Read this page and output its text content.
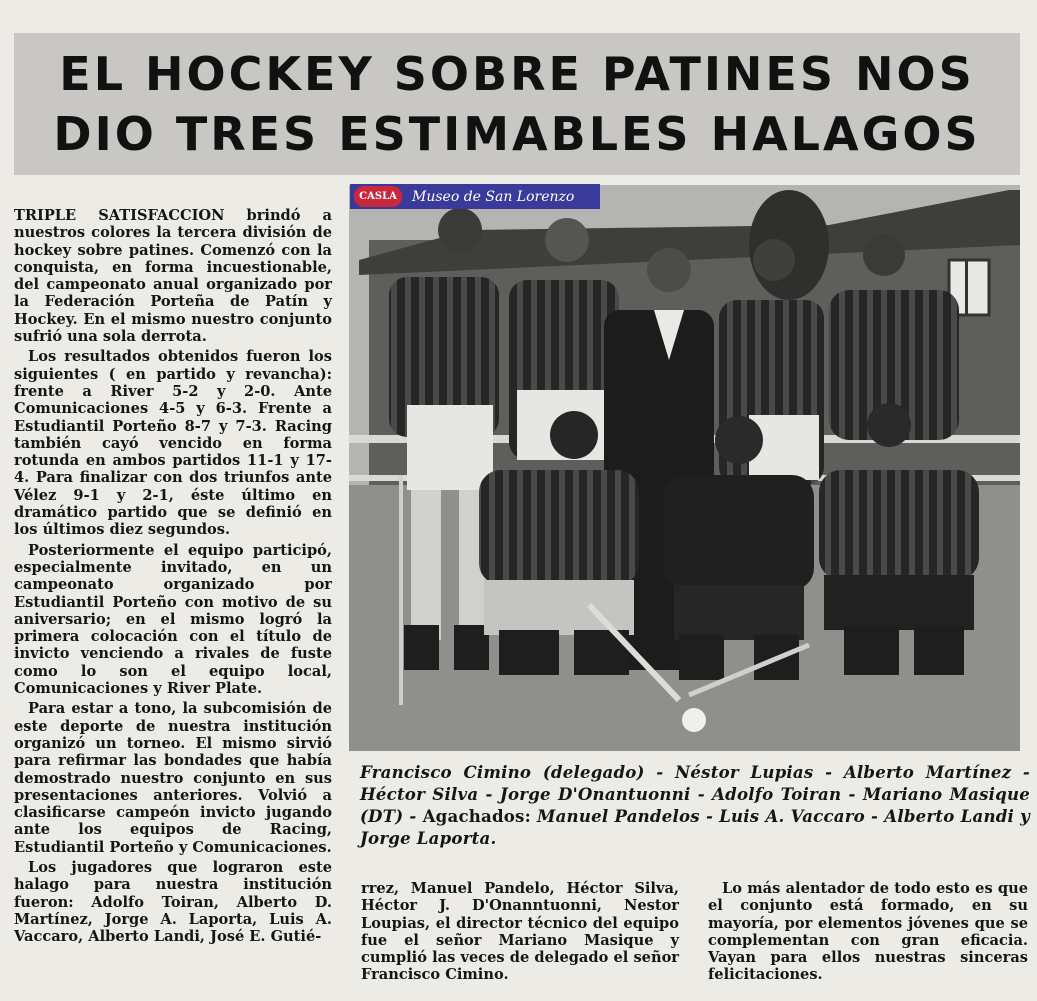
EL HOCKEY SOBRE PATINES NOS
DIO TRES ESTIMABLES HALAGOS

TRIPLE SATISFACCION brindó a nuestros colores la tercera división de hockey sobre patines. Comenzó con la conquista, en forma incuestionable, del campeonato anual organizado por la Federación Porteña de Patín y Hockey. En el mismo nuestro conjunto sufrió una sola derrota.

Los resultados obtenidos fueron los siguientes ( en partido y revancha): frente a River 5-2 y 2-0. Ante Comunicaciones 4-5 y 6-3. Frente a Estudiantil Porteño 8-7 y 7-3. Racing también cayó vencido en forma rotunda en ambos partidos 11-1 y 17-4. Para finalizar con dos triunfos ante Vélez 9-1 y 2-1, éste último en dramático partido que se definió en los últimos diez segundos.

Posteriormente el equipo participó, especialmente invitado, en un campeonato organizado por Estudiantil Porteño con motivo de su aniversario; en el mismo logró la primera colocación con el título de invicto venciendo a rivales de fuste como lo son el equipo local, Comunicaciones y River Plate.

Para estar a tono, la subcomisión de este deporte de nuestra institución organizó un torneo. El mismo sirvió para refirmar las bondades que había demostrado nuestro conjunto en sus presentaciones anteriores. Volvió a clasificarse campeón invicto jugando ante los equipos de Racing, Estudiantil Porteño y Comunicaciones.

Los jugadores que lograron este halago para nuestra institución fueron: Adolfo Toiran, Alberto D. Martínez, Jorge A. Laporta, Luis A. Vaccaro, Alberto Landi, José E. Gutié-

CASLA	Museo de San Lorenzo
Francisco Cimino (delegado) - Néstor Lupias - Alberto Martínez - Héctor Silva - Jorge D'Onantuonni - Adolfo Toiran - Mariano Masique (DT) - Agachados: Manuel Pandelos - Luis A. Vaccaro - Alberto Landi y Jorge Laporta.

rrez, Manuel Pandelo, Héctor Silva, Héctor J. D'Onanntuonni, Nestor Loupias, el director técnico del equipo fue el señor Mariano Masique y cumplió las veces de delegado el señor Francisco Cimino.

Lo más alentador de todo esto es que el conjunto está formado, en su mayoría, por elementos jóvenes que se complementan con gran eficacia. Vayan para ellos nuestras sinceras felicitaciones.
